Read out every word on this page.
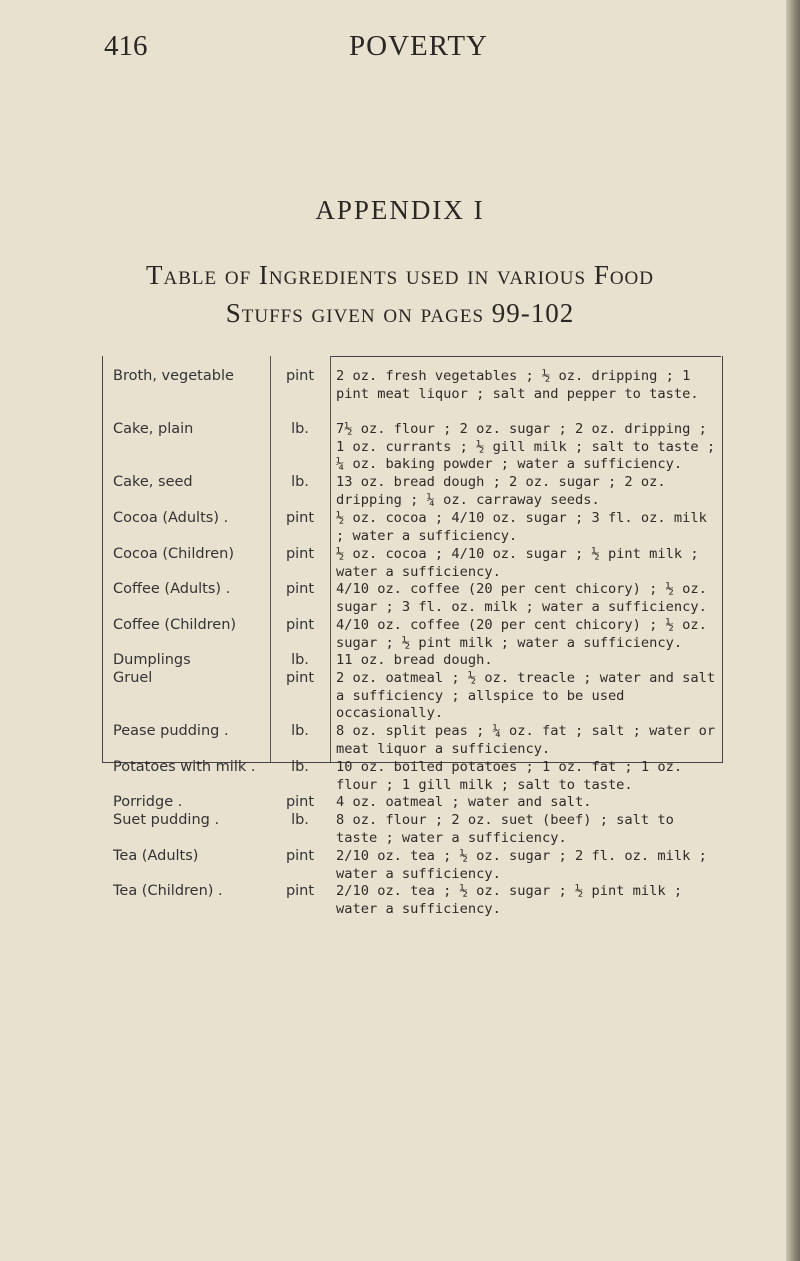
416	POVERTY
APPENDIX I
Table of Ingredients used in various Food
Stuffs given on pages 99-102
Broth, vegetable	pint	2 oz. fresh vegetables ; ½ oz. dripping ; 1 pint meat liquor ; salt and pepper to taste.
Cake, plain	lb.	7½ oz. flour ; 2 oz. sugar ; 2 oz. dripping ; 1 oz. currants ; ½ gill milk ; salt to taste ; ¼ oz. baking powder ; water a sufficiency.
Cake, seed	lb.	13 oz. bread dough ; 2 oz. sugar ; 2 oz. dripping ; ¼ oz. carraway seeds.
Cocoa (Adults) .	pint	½ oz. cocoa ; 4/10 oz. sugar ; 3 fl. oz. milk ; water a sufficiency.
Cocoa (Children)	pint	½ oz. cocoa ; 4/10 oz. sugar ; ½ pint milk ; water a sufficiency.
Coffee (Adults) .	pint	4/10 oz. coffee (20 per cent chicory) ; ½ oz. sugar ; 3 fl. oz. milk ; water a sufficiency.
Coffee (Children)	pint	4/10 oz. coffee (20 per cent chicory) ; ½ oz. sugar ; ½ pint milk ; water a sufficiency.
Dumplings	lb.	11 oz. bread dough.
Gruel	pint	2 oz. oatmeal ; ½ oz. treacle ; water and salt a sufficiency ; allspice to be used occasionally.
Pease pudding .	lb.	8 oz. split peas ; ¼ oz. fat ; salt ; water or meat liquor a sufficiency.
Potatoes with milk .	lb.	10 oz. boiled potatoes ; 1 oz. fat ; 1 oz. flour ; 1 gill milk ; salt to taste.
Porridge .	pint	4 oz. oatmeal ; water and salt.
Suet pudding .	lb.	8 oz. flour ; 2 oz. suet (beef) ; salt to taste ; water a sufficiency.
Tea (Adults)	pint	2/10 oz. tea ; ½ oz. sugar ; 2 fl. oz. milk ; water a sufficiency.
Tea (Children) .	pint	2/10 oz. tea ; ½ oz. sugar ; ½ pint milk ; water a sufficiency.
